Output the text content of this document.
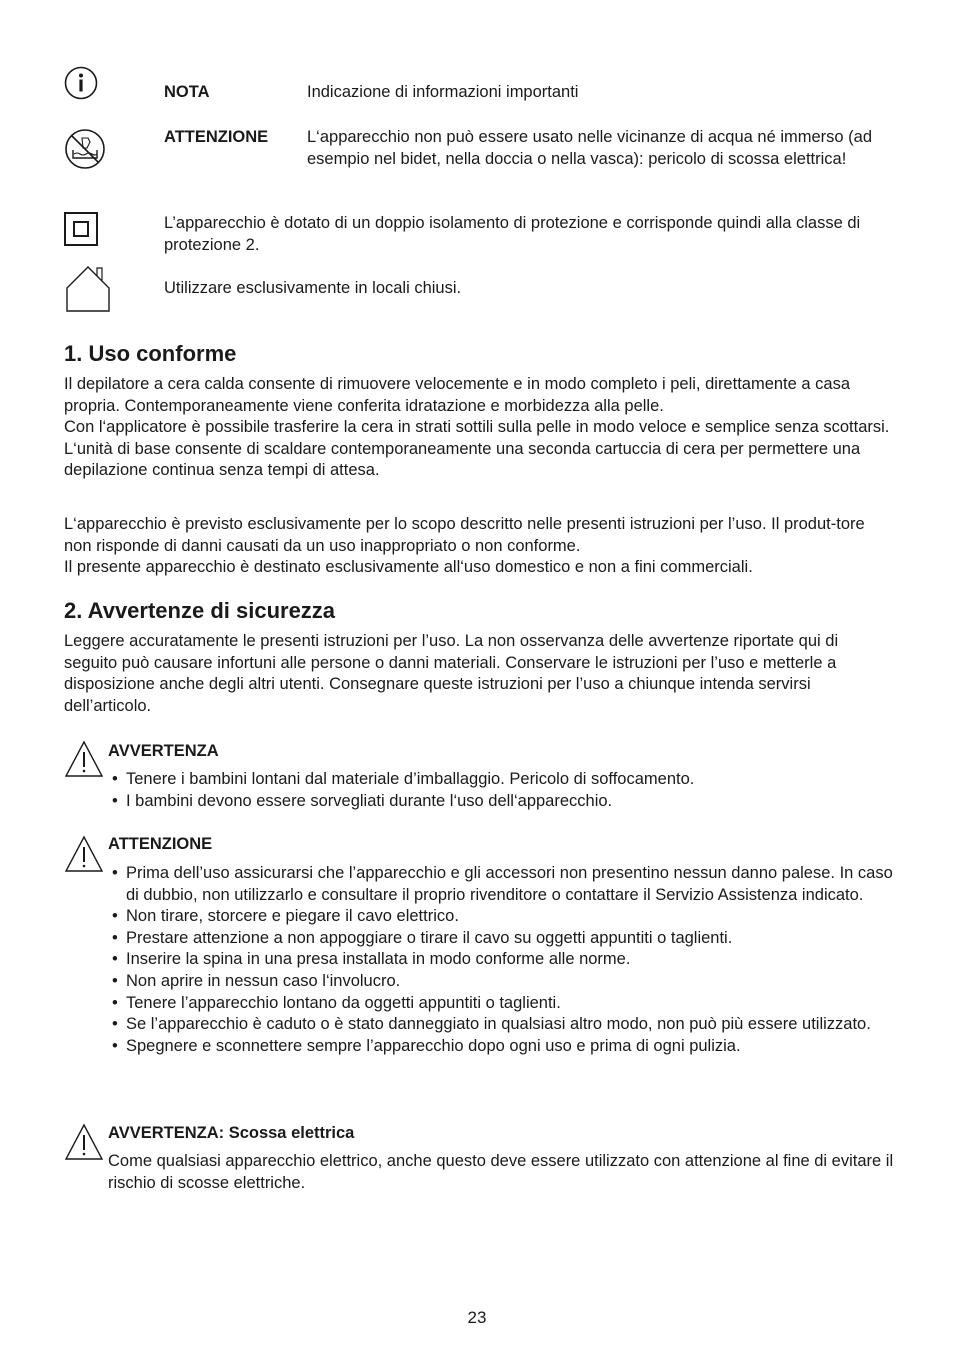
NOTA	Indicazione di informazioni importanti
ATTENZIONE L‘apparecchio non può essere usato nelle vicinanze di acqua né immerso (ad esempio nel bidet, nella doccia o nella vasca): pericolo di scossa elettrica!
L’apparecchio è dotato di un doppio isolamento di protezione e corrisponde quindi alla classe di protezione 2.
Utilizzare esclusivamente in locali chiusi.
1. Uso conforme

Il depilatore a cera calda consente di rimuovere velocemente e in modo completo i peli, direttamente a casa propria. Contemporaneamente viene conferita idratazione e morbidezza alla pelle.

Con l‘applicatore è possibile trasferire la cera in strati sottili sulla pelle in modo veloce e semplice senza scottarsi.

L‘unità di base consente di scaldare contemporaneamente una seconda cartuccia di cera per permettere una depilazione continua senza tempi di attesa.

L‘apparecchio è previsto esclusivamente per lo scopo descritto nelle presenti istruzioni per l’uso. Il produt-tore non risponde di danni causati da un uso inappropriato o non conforme.

Il presente apparecchio è destinato esclusivamente all‘uso domestico e non a fini commerciali.

2. Avvertenze di sicurezza
Leggere accuratamente le presenti istruzioni per l’uso. La non osservanza delle avvertenze riportate qui di seguito può causare infortuni alle persone o danni materiali. Conservare le istruzioni per l’uso e metterle a disposizione anche degli altri utenti. Consegnare queste istruzioni per l’uso a chiunque intenda servirsi dell’articolo.
AVVERTENZA
• Tenere i bambini lontani dal materiale d’imballaggio. Pericolo di soffocamento.
• I bambini devono essere sorvegliati durante l‘uso dell‘apparecchio.
ATTENZIONE
• Prima dell’uso assicurarsi che l’apparecchio e gli accessori non presentino nessun danno palese. In caso di dubbio, non utilizzarlo e consultare il proprio rivenditore o contattare il Servizio Assistenza indicato.
• Non tirare, storcere e piegare il cavo elettrico.
• Prestare attenzione a non appoggiare o tirare il cavo su oggetti appuntiti o taglienti.
• Inserire la spina in una presa installata in modo conforme alle norme.
• Non aprire in nessun caso l‘involucro.
• Tenere l’apparecchio lontano da oggetti appuntiti o taglienti.
• Se l’apparecchio è caduto o è stato danneggiato in qualsiasi altro modo, non può più essere utilizzato.
• Spegnere e sconnettere sempre l’apparecchio dopo ogni uso e prima di ogni pulizia.
AVVERTENZA: Scossa elettrica
Come qualsiasi apparecchio elettrico, anche questo deve essere utilizzato con attenzione al fine di evitare il rischio di scosse elettriche.
23
